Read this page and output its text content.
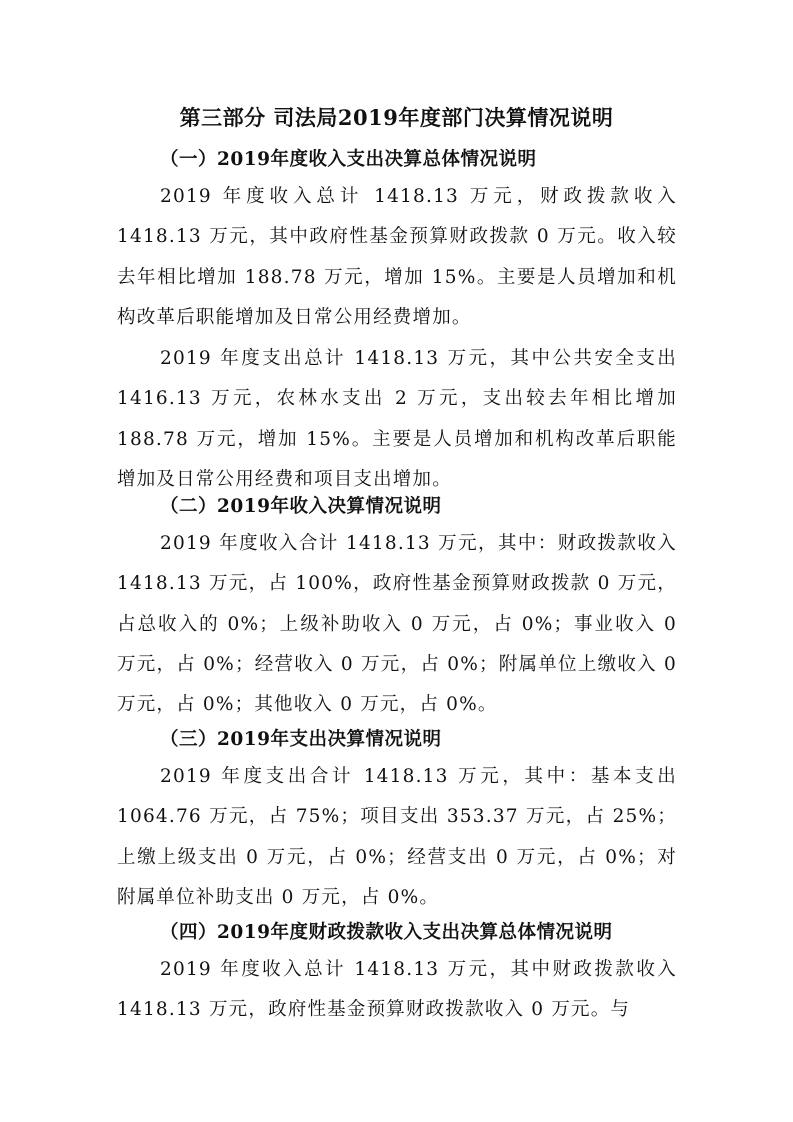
第三部分 司法局2019年度部门决算情况说明
（一）2019年度收入支出决算总体情况说明
2019 年度收入总计 1418.13 万元，财政拨款收入 1418.13 万元，其中政府性基金预算财政拨款 0 万元。收入较去年相比增加 188.78 万元，增加 15%。主要是人员增加和机构改革后职能增加及日常公用经费增加。
2019 年度支出总计 1418.13 万元，其中公共安全支出 1416.13 万元，农林水支出 2 万元，支出较去年相比增加 188.78 万元，增加 15%。主要是人员增加和机构改革后职能增加及日常公用经费和项目支出增加。
（二）2019年收入决算情况说明
2019 年度收入合计 1418.13 万元，其中：财政拨款收入 1418.13 万元，占 100%，政府性基金预算财政拨款 0 万元，占总收入的 0%；上级补助收入 0 万元，占 0%；事业收入 0 万元，占 0%；经营收入 0 万元，占 0%；附属单位上缴收入 0 万元，占 0%；其他收入 0 万元，占 0%。
（三）2019年支出决算情况说明
2019 年度支出合计 1418.13 万元，其中：基本支出 1064.76 万元，占 75%；项目支出 353.37 万元，占 25%；上缴上级支出 0 万元，占 0%；经营支出 0 万元，占 0%；对附属单位补助支出 0 万元，占 0%。
（四）2019年度财政拨款收入支出决算总体情况说明
2019 年度收入总计 1418.13 万元，其中财政拨款收入 1418.13 万元，政府性基金预算财政拨款收入 0 万元。与
